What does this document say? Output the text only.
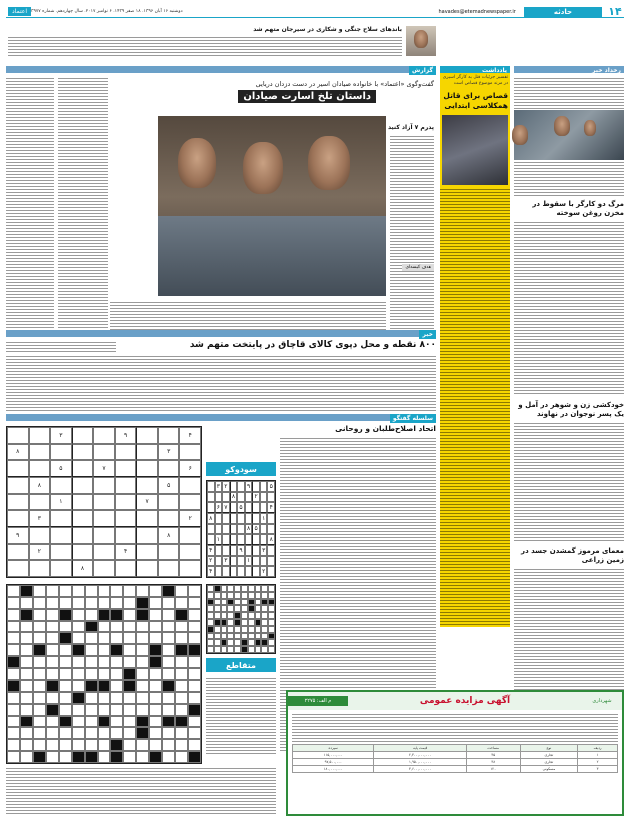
۱۴
حادثه
havades@etemadnewspaper.ir
دوشنبه ۱۶ آبان ۱۳۹۶. ۱۸ صفر ۱۴۳۹. ۶ نوامبر ۲۰۱۷. سال چهاردهم. شماره ۳۹۷۷
اعتماد
رخداد خبر
مرگ دو کارگر با سقوط در مخزن روغن سوخته
خودکشی زن و شوهر در آمل و یک پسر نوجوان در نهاوند
معمای مرموز گمشدن جسد در زمین زراعی
یادداشت
تفسیر جزئیات قتل به کارگر اسیری در مرند موضوع قصاص است
قصاص برای قاتل همکلاسی ابتدایی
باندهای سلاح جنگی و شکاری در سیرجان متهم شد
گزارش
گفت‌وگوی «اعتماد» با خانواده صیادان اسیر در دست دزدان دریایی
داستان تلخ اسارت صیادان
پدرم ۷ آزاد کنید
هدف کیسه‌ای
خبر
۸۰۰ نقطه و محل دپوی کالای قاچاق در پایتخت متهم شد
سلسله گفتگو
اتحاد اصلاح‌طلبان و روحانی
۴
۹
۳
۳
۸
۶
۷
۵
۵
۸
۷
۱
۲
۳
۸
۹
۴
۲
۸
سودوکو
۵
۹
۲
۳
۲
۸
۴
۵
۷
۶
۱
۸
۵
۸
۸
۱
۳
۹
۴
۱
۳
۲
۲
۴
متقاطع
شهرداری
آگهی مزایده عمومی
م الف: ۲۲۷۵
ردیف	نوع	مساحت	قیمت پایه	سپرده
۱	تجاری	۴۵	۲,۳۰۰,۰۰۰,۰۰۰	۱۱۵,۰۰۰,۰۰۰
۲	تجاری	۳۸	۱,۹۵۰,۰۰۰,۰۰۰	۹۷,۵۰۰,۰۰۰
۳	مسکونی	۱۲۰	۳,۶۰۰,۰۰۰,۰۰۰	۱۸۰,۰۰۰,۰۰۰
